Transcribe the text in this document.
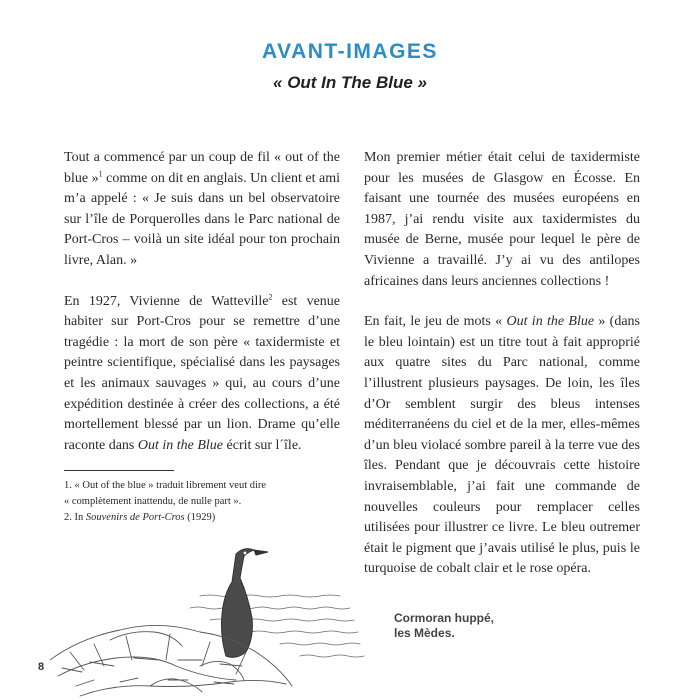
AVANT-IMAGES
« Out In The Blue »

Tout a commencé par un coup de fil « out of the blue »$^1$ comme on dit en anglais. Un client et ami m’a appelé : « Je suis dans un bel observatoire sur l’île de Porquerolles dans le Parc national de Port-Cros – voilà un site idéal pour ton prochain livre, Alan. »

En 1927, Vivienne de Watteville$^2$ est venue habiter sur Port-Cros pour se remettre d’une tragédie : la mort de son père « taxidermiste et peintre scientifique, spécialisé dans les paysages et les animaux sauvages » qui, au cours d’une expédition destinée à créer des collections, a été mortellement blessé par un lion. Drame qu’elle raconte dans Out in the Blue écrit sur l´île.

1. « Out of the blue » traduit librement veut dire
« complètement inattendu, de nulle part ».
2. In Souvenirs de Port-Cros (1929)

Mon premier métier était celui de taxidermiste pour les musées de Glasgow en Écosse. En faisant une tournée des musées européens en 1987, j’ai rendu visite aux taxidermistes du musée de Berne, musée pour lequel le père de Vivienne a travaillé. J’y ai vu des antilopes africaines dans leurs anciennes collections !

En fait, le jeu de mots « Out in the Blue » (dans le bleu lointain) est un titre tout à fait approprié aux quatre sites du Parc national, comme l’illustrent plusieurs paysages. De loin, les îles d’Or semblent surgir des bleus intenses méditerranéens du ciel et de la mer, elles-mêmes d’un bleu violacé sombre pareil à la terre vue des îles. Pendant que je découvrais cette histoire invraisemblable, j’ai fait une commande de nouvelles couleurs pour remplacer celles utilisées pour illustrer ce livre. Le bleu outremer était le pigment que j’avais utilisé le plus, puis le turquoise de cobalt clair et le rose opéra.

Cormoran huppé,
les Mèdes.
8
